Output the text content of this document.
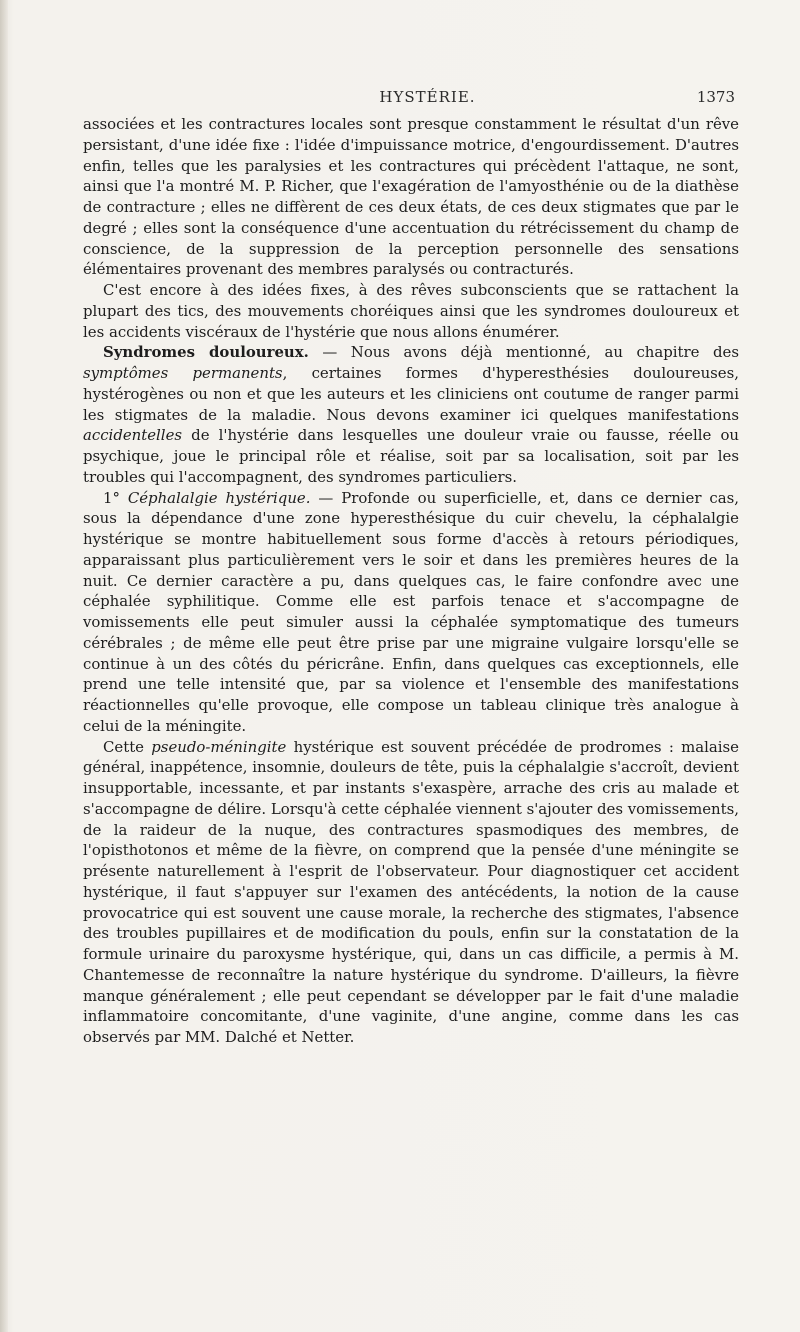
HYSTÉRIE.	1373

associées et les contractures locales sont presque constamment le résultat d'un rêve persistant, d'une idée fixe : l'idée d'impuissance motrice, d'engourdissement. D'autres enfin, telles que les paralysies et les contractures qui précèdent l'attaque, ne sont, ainsi que l'a montré M. P. Richer, que l'exagération de l'amyosthénie ou de la diathèse de contracture ; elles ne diffèrent de ces deux états, de ces deux stigmates que par le degré ; elles sont la conséquence d'une accentuation du rétrécissement du champ de conscience, de la suppression de la perception personnelle des sensations élémentaires provenant des membres paralysés ou contracturés.

C'est encore à des idées fixes, à des rêves subconscients que se rattachent la plupart des tics, des mouvements choréiques ainsi que les syndromes douloureux et les accidents viscéraux de l'hystérie que nous allons énumérer.

Syndromes douloureux. — Nous avons déjà mentionné, au chapitre des symptômes permanents, certaines formes d'hyperesthésies douloureuses, hystérogènes ou non et que les auteurs et les cliniciens ont coutume de ranger parmi les stigmates de la maladie. Nous devons examiner ici quelques manifestations accidentelles de l'hystérie dans lesquelles une douleur vraie ou fausse, réelle ou psychique, joue le principal rôle et réalise, soit par sa localisation, soit par les troubles qui l'accompagnent, des syndromes particuliers.

1° Céphalalgie hystérique. — Profonde ou superficielle, et, dans ce dernier cas, sous la dépendance d'une zone hyperesthésique du cuir chevelu, la céphalalgie hystérique se montre habituellement sous forme d'accès à retours périodiques, apparaissant plus particulièrement vers le soir et dans les premières heures de la nuit. Ce dernier caractère a pu, dans quelques cas, le faire confondre avec une céphalée syphilitique. Comme elle est parfois tenace et s'accompagne de vomissements elle peut simuler aussi la céphalée symptomatique des tumeurs cérébrales ; de même elle peut être prise par une migraine vulgaire lorsqu'elle se continue à un des côtés du péricrâne. Enfin, dans quelques cas exceptionnels, elle prend une telle intensité que, par sa violence et l'ensemble des manifestations réactionnelles qu'elle provoque, elle compose un tableau clinique très analogue à celui de la méningite.

Cette pseudo-méningite hystérique est souvent précédée de prodromes : malaise général, inappétence, insomnie, douleurs de tête, puis la céphalalgie s'accroît, devient insupportable, incessante, et par instants s'exaspère, arrache des cris au malade et s'accompagne de délire. Lorsqu'à cette céphalée viennent s'ajouter des vomissements, de la raideur de la nuque, des contractures spasmodiques des membres, de l'opisthotonos et même de la fièvre, on comprend que la pensée d'une méningite se présente naturellement à l'esprit de l'observateur. Pour diagnostiquer cet accident hystérique, il faut s'appuyer sur l'examen des antécédents, la notion de la cause provocatrice qui est souvent une cause morale, la recherche des stigmates, l'absence des troubles pupillaires et de modification du pouls, enfin sur la constatation de la formule urinaire du paroxysme hystérique, qui, dans un cas difficile, a permis à M. Chantemesse de reconnaître la nature hystérique du syndrome. D'ailleurs, la fièvre manque généralement ; elle peut cependant se développer par le fait d'une maladie inflammatoire concomitante, d'une vaginite, d'une angine, comme dans les cas observés par MM. Dalché et Netter.
